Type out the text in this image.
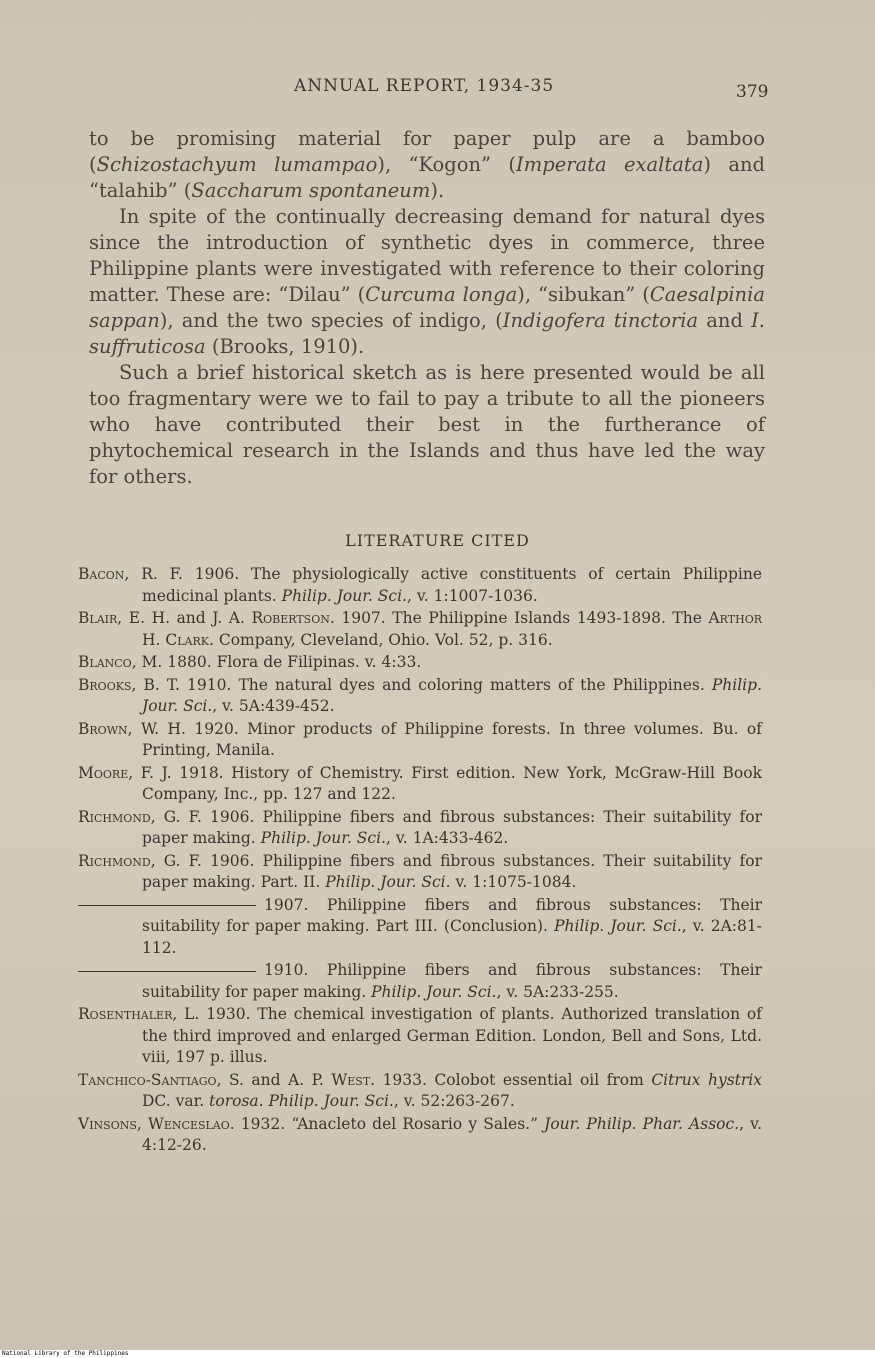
ANNUAL REPORT, 1934-35	379

to be promising material for paper pulp are a bamboo (Schizostachyum lumampao), “Kogon” (Imperata exaltata) and “talahib” (Saccharum spontaneum).

In spite of the continually decreasing demand for natural dyes since the introduction of synthetic dyes in commerce, three Philippine plants were investigated with reference to their coloring matter. These are: “Dilau” (Curcuma longa), “sibukan” (Caesalpinia sappan), and the two species of indigo, (Indigofera tinctoria and I. suffruticosa (Brooks, 1910).

Such a brief historical sketch as is here presented would be all too fragmentary were we to fail to pay a tribute to all the pioneers who have contributed their best in the furtherance of phytochemical research in the Islands and thus have led the way for others.

LITERATURE CITED
Bacon, R. F. 1906. The physiologically active constituents of certain Philippine medicinal plants. Philip. Jour. Sci., v. 1:1007-1036.
Blair, E. H. and J. A. Robertson. 1907. The Philippine Islands 1493-1898. The Arthor H. Clark. Company, Cleveland, Ohio. Vol. 52, p. 316.
Blanco, M. 1880. Flora de Filipinas. v. 4:33.
Brooks, B. T. 1910. The natural dyes and coloring matters of the Philippines. Philip. Jour. Sci., v. 5A:439-452.
Brown, W. H. 1920. Minor products of Philippine forests. In three volumes. Bu. of Printing, Manila.
Moore, F. J. 1918. History of Chemistry. First edition. New York, McGraw-Hill Book Company, Inc., pp. 127 and 122.
Richmond, G. F. 1906. Philippine fibers and fibrous substances: Their suitability for paper making. Philip. Jour. Sci., v. 1A:433-462.
Richmond, G. F. 1906. Philippine fibers and fibrous substances. Their suitability for paper making. Part. II. Philip. Jour. Sci. v. 1:1075-1084.
1907. Philippine fibers and fibrous substances: Their suitability for paper making. Part III. (Conclusion). Philip. Jour. Sci., v. 2A:81-112.
1910. Philippine fibers and fibrous substances: Their suitability for paper making. Philip. Jour. Sci., v. 5A:233-255.
Rosenthaler, L. 1930. The chemical investigation of plants. Authorized translation of the third improved and enlarged German Edition. London, Bell and Sons, Ltd. viii, 197 p. illus.
Tanchico-Santiago, S. and A. P. West. 1933. Colobot essential oil from Citrux hystrix DC. var. torosa. Philip. Jour. Sci., v. 52:263-267.
Vinsons, Wenceslao. 1932. “Anacleto del Rosario y Sales.” Jour. Philip. Phar. Assoc., v. 4:12-26.
National Library of the Philippines
